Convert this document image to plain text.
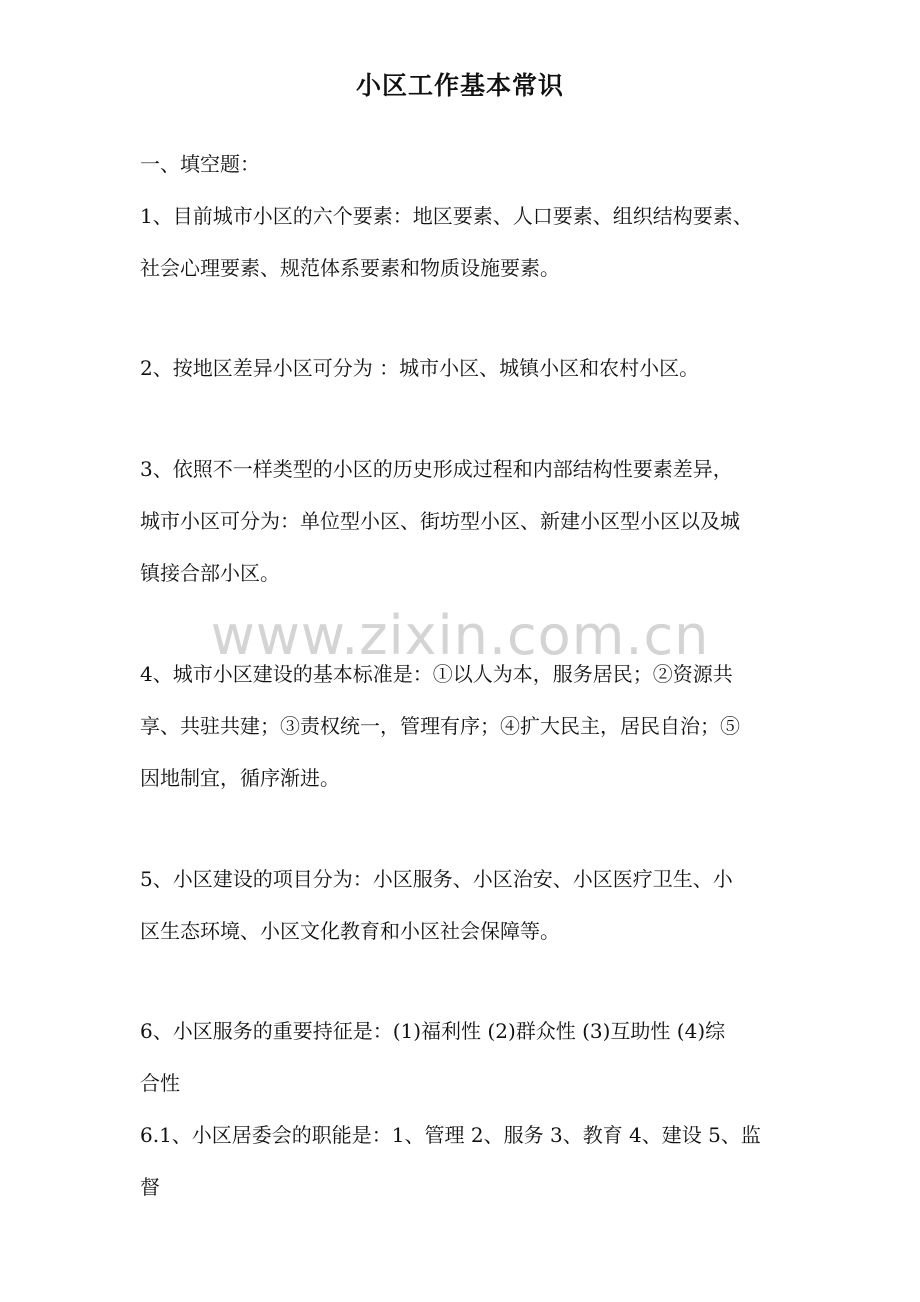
小区工作基本常识
一、填空题：
1、目前城市小区的六个要素：地区要素、人口要素、组织结构要素、
社会心理要素、规范体系要素和物质设施要素。
2、按地区差异小区可分为 ：城市小区、城镇小区和农村小区。
3、依照不一样类型的小区的历史形成过程和内部结构性要素差异，
城市小区可分为：单位型小区、街坊型小区、新建小区型小区以及城
镇接合部小区。
4、城市小区建设的基本标准是：①以人为本，服务居民；②资源共
享、共驻共建；③责权统一，管理有序；④扩大民主，居民自治；⑤
因地制宜，循序渐进。
5、小区建设的项目分为：小区服务、小区治安、小区医疗卫生、小
区生态环境、小区文化教育和小区社会保障等。
6、小区服务的重要持征是：(1)福利性 (2)群众性 (3)互助性 (4)综
合性
6.1、小区居委会的职能是：1、管理 2、服务 3、教育 4、建设 5、监
督
www.zixin.com.cn
